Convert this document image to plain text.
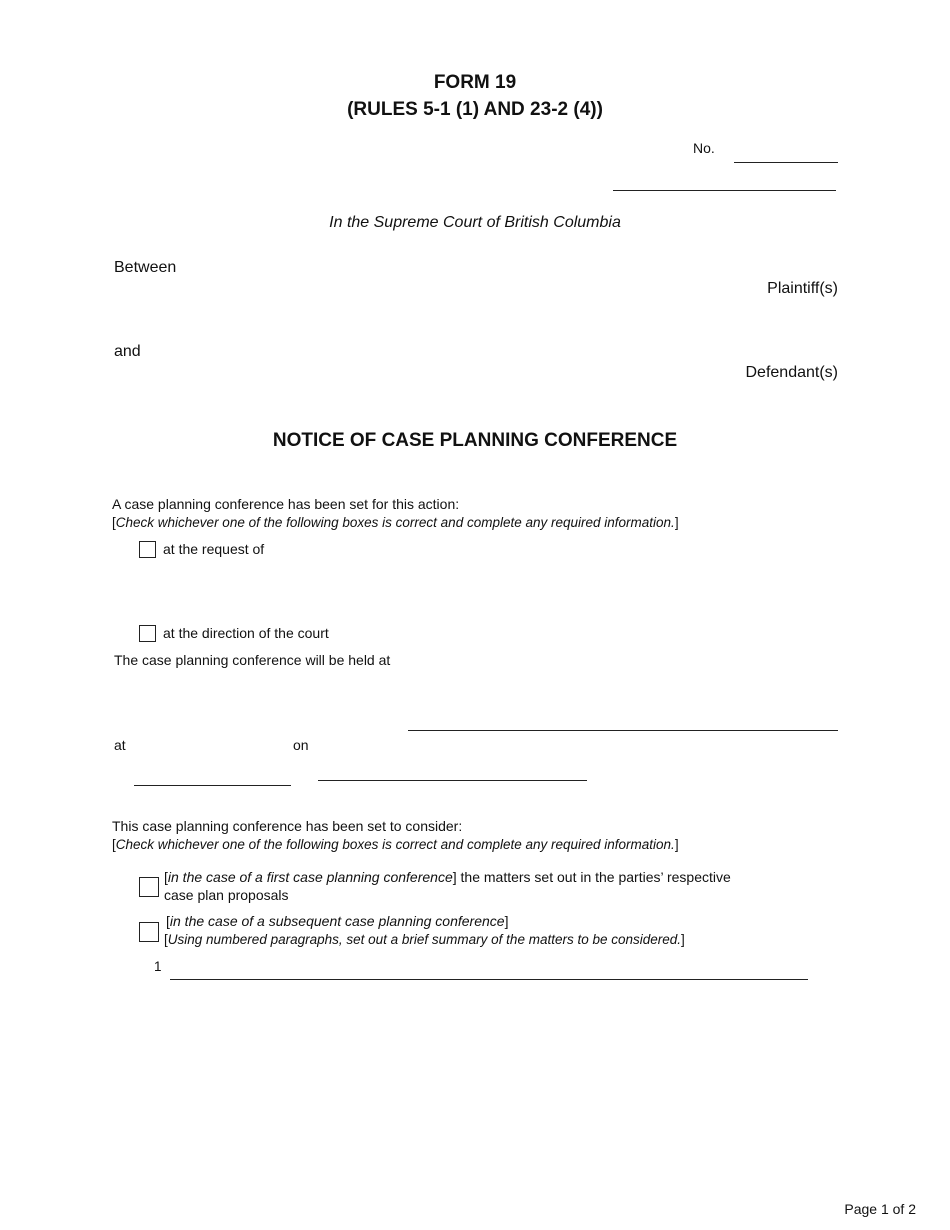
FORM 19
(RULES 5-1 (1) AND 23-2 (4))
No.
In the Supreme Court of British Columbia
Between
Plaintiff(s)
and
Defendant(s)
NOTICE OF CASE PLANNING CONFERENCE
A case planning conference has been set for this action:
[Check whichever one of the following boxes is correct and complete any required information.]
at the request of
at the direction of the court
The case planning conference will be held at
at	on
This case planning conference has been set to consider:
[Check whichever one of the following boxes is correct and complete any required information.]
[in the case of a first case planning conference] the matters set out in the parties’ respective
case plan proposals
[in the case of a subsequent case planning conference]
[Using numbered paragraphs, set out a brief summary of the matters to be considered.]
1
Page 1 of 2
